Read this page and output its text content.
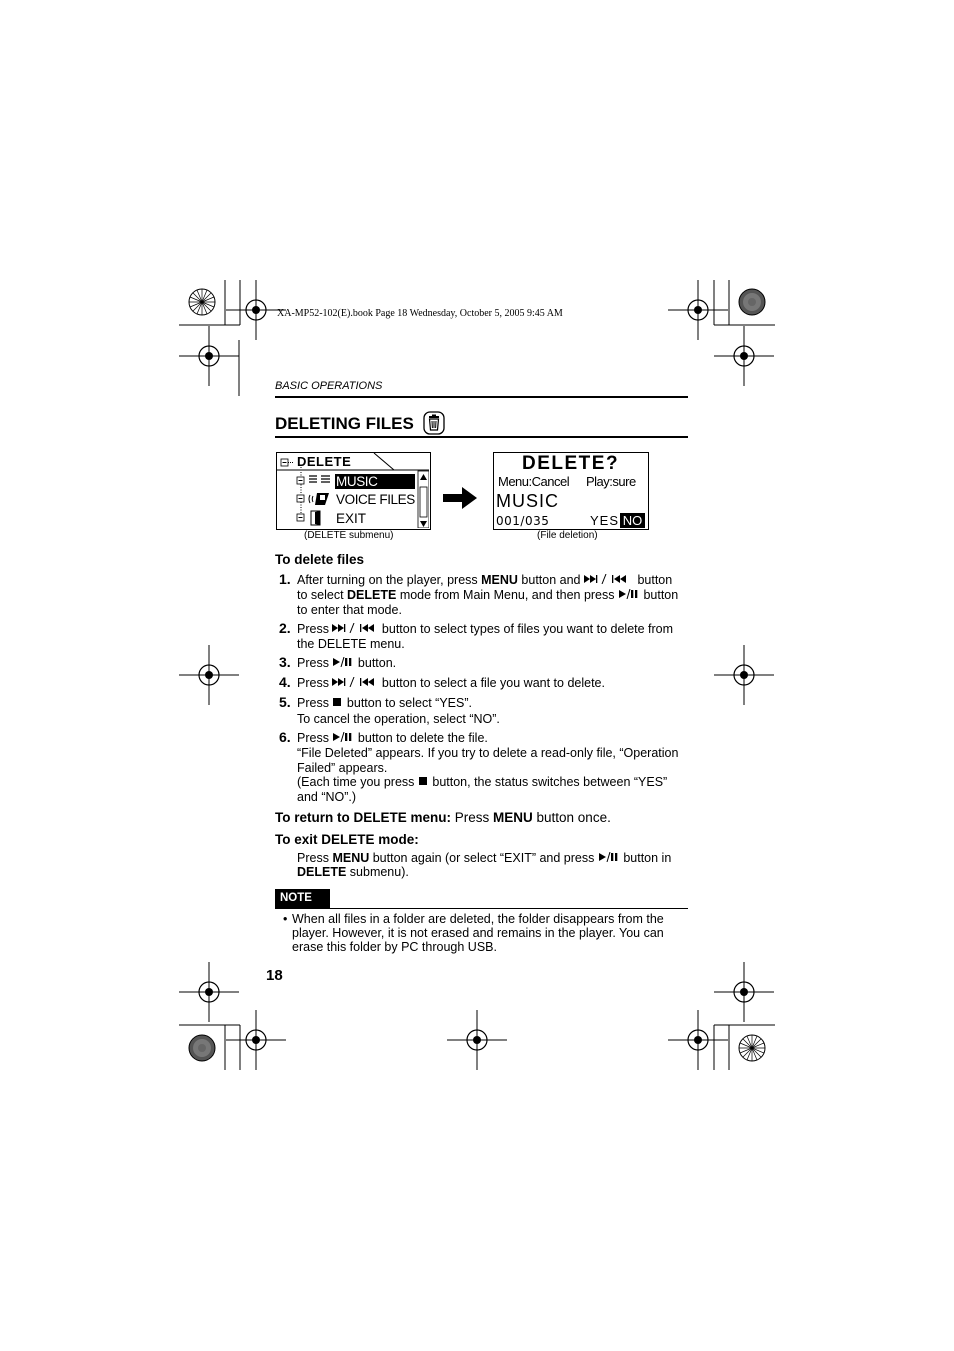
XA-MP52-102(E).book Page 18 Wednesday, October 5, 2005 9:45 AM
BASIC OPERATIONS
DELETING FILES
DELETE
MUSIC
VOICE FILES
EXIT
(DELETE submenu)
DELETE?
Menu:Cancel Play:sure
MUSIC
001/035	YES NO
(File deletion)
To delete files
1. After turning on the player, press MENU button and	button
to select DELETE mode from Main Menu, and then press  button
to enter that mode.
2. Press	button to select types of files you want to delete from
the DELETE menu.
3. Press  button.
4. Press	button to select a file you want to delete.
5. Press  button to select “YES”.
To cancel the operation, select “NO”.
6. Press  button to delete the file.
“File Deleted” appears. If you try to delete a read-only file, “Operation
Failed” appears.
(Each time you press  button, the status switches between “YES”
and “NO”.)
To return to DELETE menu: Press MENU button once.
To exit DELETE mode:
Press MENU button again (or select “EXIT” and press  button in
DELETE submenu).
NOTE
• When all files in a folder are deleted, the folder disappears from the
player. However, it is not erased and remains in the player. You can
erase this folder by PC through USB.
18
